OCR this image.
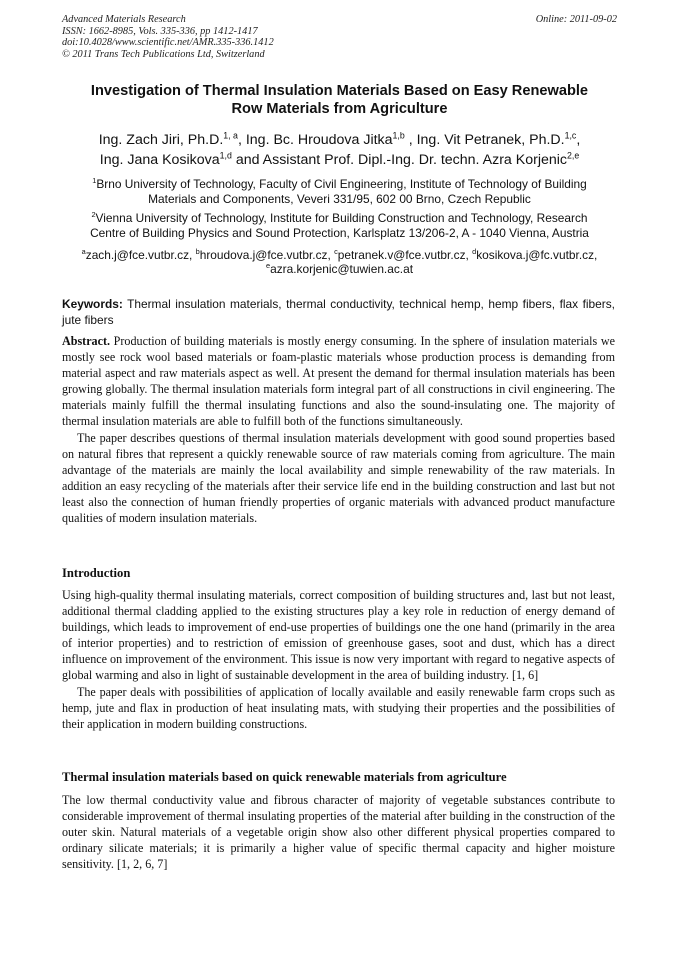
Advanced Materials Research
ISSN: 1662-8985, Vols. 335-336, pp 1412-1417
doi:10.4028/www.scientific.net/AMR.335-336.1412
© 2011 Trans Tech Publications Ltd, Switzerland
Online: 2011-09-02
Investigation of Thermal Insulation Materials Based on Easy Renewable
Row Materials from Agriculture
Ing. Zach Jiri, Ph.D.$^{1, a}$, Ing. Bc. Hroudova Jitka$^{1,b}$ , Ing. Vit Petranek, Ph.D.$^{1,c}$,
Ing. Jana Kosikova$^{1,d}$ and Assistant Prof. Dipl.-Ing. Dr. techn. Azra Korjenic$^{2,e}$
$^1$Brno University of Technology, Faculty of Civil Engineering, Institute of Technology of Building
Materials and Components, Veveri 331/95, 602 00 Brno, Czech Republic
$^2$Vienna University of Technology, Institute for Building Construction and Technology, Research
Centre of Building Physics and Sound Protection, Karlsplatz 13/206-2, A - 1040 Vienna, Austria
$^a$zach.j@fce.vutbr.cz, $^b$hroudova.j@fce.vutbr.cz, $^c$petranek.v@fce.vutbr.cz, $^d$kosikova.j@fc.vutbr.cz,
$^e$azra.korjenic@tuwien.ac.at
Keywords: Thermal insulation materials, thermal conductivity, technical hemp, hemp fibers, flax fibers, jute fibers

Abstract. Production of building materials is mostly energy consuming. In the sphere of insulation materials we mostly see rock wool based materials or foam-plastic materials whose production process is demanding from material aspect and raw materials aspect as well. At present the demand for thermal insulation materials has been growing globally. The thermal insulation materials form integral part of all constructions in civil engineering. The materials mainly fulfill the thermal insulating functions and also the sound-insulating one. The majority of thermal insulation materials are able to fulfill both of the functions simultaneously.

The paper describes questions of thermal insulation materials development with good sound properties based on natural fibres that represent a quickly renewable source of raw materials coming from agriculture. The main advantage of the materials are mainly the local availability and simple renewability of the raw materials. In addition an easy recycling of the materials after their service life end in the building construction and last but not least also the connection of human friendly properties of organic materials with advanced product manufacture qualities of modern insulation materials.

Introduction

Using high-quality thermal insulating materials, correct composition of building structures and, last but not least, additional thermal cladding applied to the existing structures play a key role in reduction of energy demand of buildings, which leads to improvement of end-use properties of buildings one the one hand (primarily in the area of interior properties) and to restriction of emission of greenhouse gases, soot and dust, which has a direct influence on improvement of the environment. This issue is now very important with regard to negative aspects of global warming and also in light of sustainable development in the area of building industry. [1, 6]

The paper deals with possibilities of application of locally available and easily renewable farm crops such as hemp, jute and flax in production of heat insulating mats, with studying their properties and the possibilities of their application in modern building constructions.

Thermal insulation materials based on quick renewable materials from agriculture

The low thermal conductivity value and fibrous character of majority of vegetable substances contribute to considerable improvement of thermal insulating properties of the material after building in the construction of the outer skin. Natural materials of a vegetable origin show also other different physical properties compared to ordinary silicate materials; it is primarily a higher value of specific thermal capacity and higher moisture sensitivity. [1, 2, 6, 7]
